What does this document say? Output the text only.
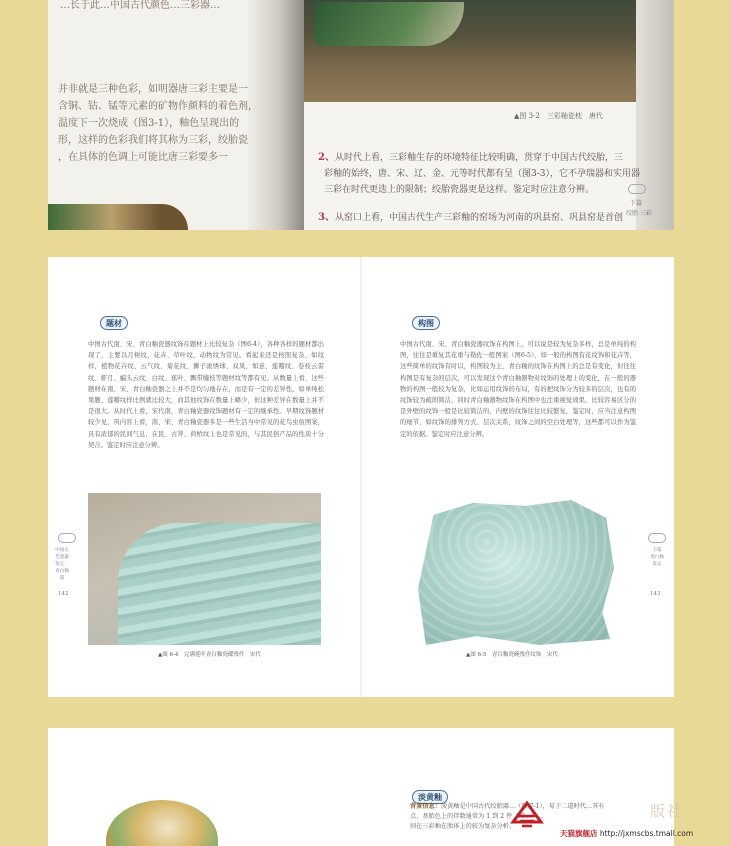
…长于此…中国古代颜色…三彩器…
并非就是三种色彩，如明器唐三彩主要是一
含铜、钴、锰等元素的矿物作颜料的着色剂，
温度下一次烧成（图3-1），釉色呈现出的
形，这样的色彩我们将其称为三彩，绞胎瓷
，在具体的色调上可能比唐三彩要多一
▲图 3-2　三彩釉瓷枕　唐代
2、从时代上看，三彩釉生存的环境特征比较明确，贯穿于中国古代绞胎，三
彩釉的始终，唐、宋、辽、金、元等时代都有呈（图3-3），它不孕瑞器和实用器
三彩在时代更迭上的限制；绞胎瓷器更是这样。鉴定时应注意分辨。
3、从窑口上看，中国古代生产三彩釉的窑场为河南的巩县窑、巩县窑是首创
下篇
绞胎 三彩
题材
中国古代南、宋、青白釉瓷器纹饰在题材上比较复杂（图6-4），各种各样的题材都出现了，主要以月树纹、花卉、草叶纹、动物纹为常见。看起来还是按照复杂、如纹样，植物花卉纹、云气纹、菊花纹、狮子滚绣球、双凤、如意、莲瓣纹、卷枝云雷纹、虾月、蝠头云纹、白纹、蕉叶、飘带缠枝等题材纹等都有见。从数量上看，这些题材在南、宋、青白釉瓷器之上并不是均匀地存在，而是有一定的差异性。如单纯松果题、莲瓣纹样比例就比较大，而其他纹饰在数量上略少，但这种差异在数量上并不是很大。从时代上看，宋代南，青白釉瓷器纹饰题材有一定的继承性。早期纹饰题材较少见，巩内容上看，南、宋、青白釉瓷器多是一些生活当中常见的花鸟虫鱼图案，具有浓郁的民间气息，在民、古拜、荷桥纹上也是常见的，与其民俗产品的性质十分契合。鉴定时应注意分辨。
▲图 6-4　完满莲叶青白釉瓷碟残件　宋代
中国古代瓷器鉴定：青白釉篇
142
构图
中国古代南、宋、青白釉瓷器纹饰在构图上，可以说是较为复杂多样，总是单纯的构图，往往是重复其花重与勒佐一般图案（图6-5），如一般的构图有花纹饰和花卉等，这些简单的纹饰有时以，构图较为主，青白釉的纹饰在构图上的总是有变化，但往往构图是有复杂的层次，可以发现这个青白釉器物对纹饰的处理上的变化，在一般的器物的构图一般较为复杂，比如运用纹饰的布局，有的把纹饰分为较多的层次，也有的纹饰较为疏朗简洁，同时青白釉器物纹饰在构图中也注重视觉效果，比较容易区分的是外壁的纹饰一般是比较简洁的，内壁的纹饰往往比较繁复，鉴定时，应当注意构图的细节，如纹饰的排列方式、层次关系，纹饰之间的空白处理等，这些都可以作为鉴定的依据。鉴定时应注意分辨。
▲图 6-5　青白釉瓷碗残件纹饰　宋代
下篇 青白釉 鉴定
143
淡黄釉
背景信息：淡黄釉是中国古代绞胎器…（图 7-1），易于二道时代…其有
点，基胎色上的伴数通常为 1 到 2 件（图…）…
则在三彩釉在胎体上的较为复杂分析。
版社
天猫旗舰店 http://jxmscbs.tmall.com
